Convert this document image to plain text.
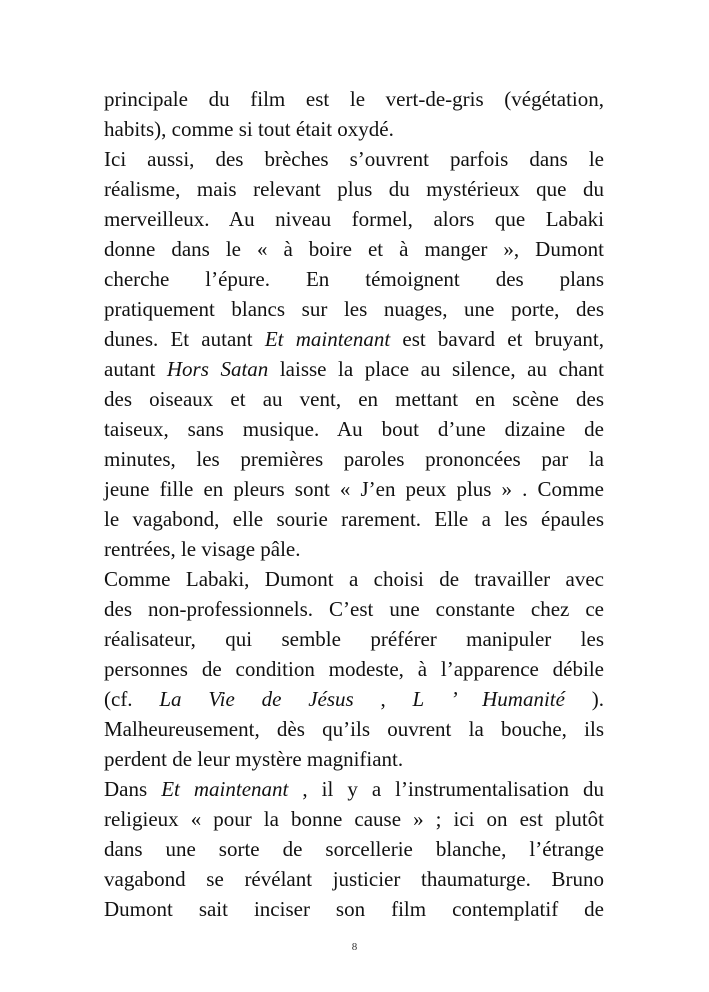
principale du film est le vert-de-gris (végétation,
habits), comme si tout était oxydé.
Ici aussi, des brèches s’ouvrent parfois dans le
réalisme, mais relevant plus du mystérieux que du
merveilleux. Au niveau formel, alors que Labaki
donne dans le « à boire et à manger », Dumont
cherche l’épure. En témoignent des plans
pratiquement blancs sur les nuages, une porte, des
dunes. Et autant Et maintenant est bavard et bruyant,
autant Hors Satan laisse la place au silence, au chant
des oiseaux et au vent, en mettant en scène des
taiseux, sans musique. Au bout d’une dizaine de
minutes, les premières paroles prononcées par la
jeune fille en pleurs sont « J’en peux plus » . Comme
le vagabond, elle sourie rarement. Elle a les épaules
rentrées, le visage pâle.
Comme Labaki, Dumont a choisi de travailler avec
des non-professionnels. C’est une constante chez ce
réalisateur, qui semble préférer manipuler les
personnes de condition modeste, à l’apparence débile
(cf. La Vie de Jésus , L ’ Humanité ).
Malheureusement, dès qu’ils ouvrent la bouche, ils
perdent de leur mystère magnifiant.
Dans Et maintenant , il y a l’instrumentalisation du
religieux « pour la bonne cause » ; ici on est plutôt
dans une sorte de sorcellerie blanche, l’étrange
vagabond se révélant justicier thaumaturge. Bruno
Dumont sait inciser son film contemplatif de
8
